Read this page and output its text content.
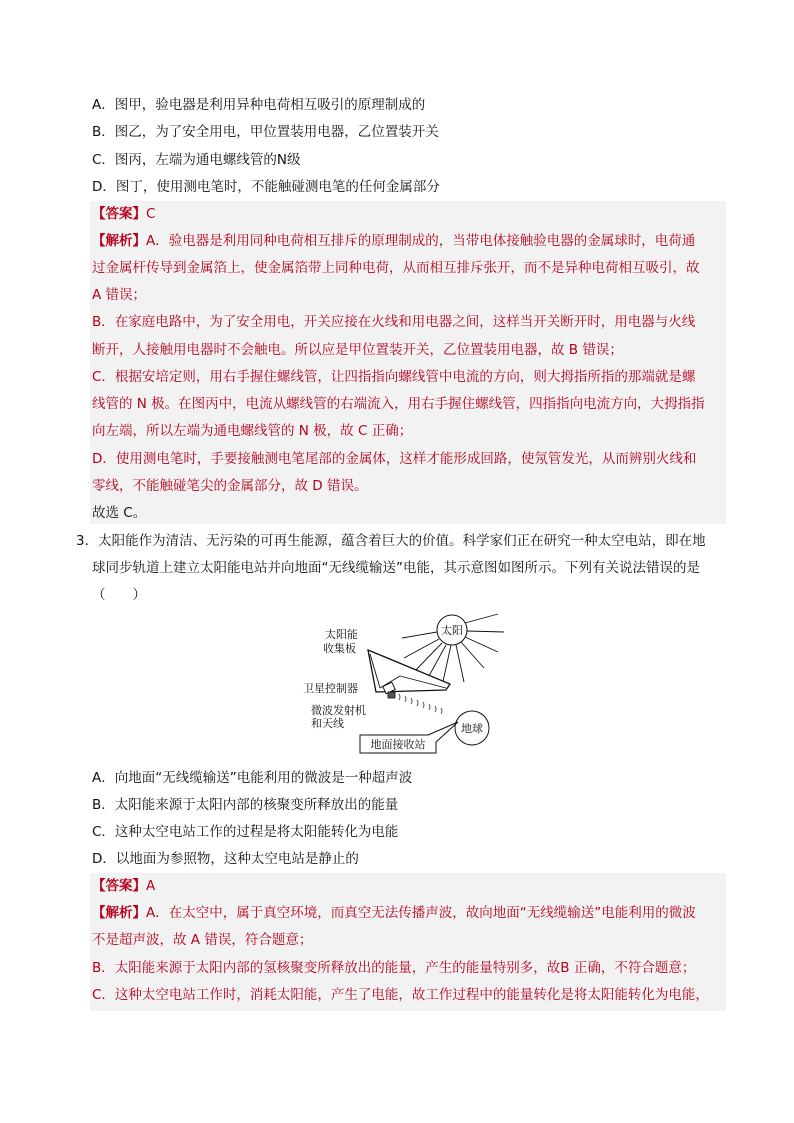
A．图甲，验电器是利用异种电荷相互吸引的原理制成的
B．图乙，为了安全用电，甲位置装用电器，乙位置装开关
C．图丙，左端为通电螺线管的N级
D．图丁，使用测电笔时，不能触碰测电笔的任何金属部分
【答案】C
【解析】A．验电器是利用同种电荷相互排斥的原理制成的，当带电体接触验电器的金属球时，电荷通
过金属杆传导到金属箔上，使金属箔带上同种电荷，从而相互排斥张开，而不是异种电荷相互吸引，故
A 错误；
B．在家庭电路中，为了安全用电，开关应接在火线和用电器之间，这样当开关断开时，用电器与火线
断开，人接触用电器时不会触电。所以应是甲位置装开关，乙位置装用电器，故 B 错误；
C．根据安培定则，用右手握住螺线管，让四指指向螺线管中电流的方向，则大拇指所指的那端就是螺
线管的 N 极。在图丙中，电流从螺线管的右端流入，用右手握住螺线管，四指指向电流方向，大拇指指
向左端，所以左端为通电螺线管的 N 极，故 C 正确；
D．使用测电笔时，手要接触测电笔尾部的金属体，这样才能形成回路，使氖管发光，从而辨别火线和
零线，不能触碰笔尖的金属部分，故 D 错误。
故选 C。
3．太阳能作为清洁、无污染的可再生能源，蕴含着巨大的价值。科学家们正在研究一种太空电站，即在地
球同步轨道上建立太阳能电站并向地面“无线缆输送”电能，其示意图如图所示。下列有关说法错误的是
（　　）
太阳
太阳能
收集板
卫星控制器
微波发射机
和天线	地球
地面接收站
A．向地面“无线缆输送”电能利用的微波是一种超声波
B．太阳能来源于太阳内部的核聚变所释放出的能量
C．这种太空电站工作的过程是将太阳能转化为电能
D．以地面为参照物，这种太空电站是静止的
【答案】A
【解析】A．在太空中，属于真空环境，而真空无法传播声波，故向地面“无线缆输送”电能利用的微波
不是超声波，故 A 错误，符合题意；
B．太阳能来源于太阳内部的氢核聚变所释放出的能量，产生的能量特别多，故B 正确，不符合题意；
C．这种太空电站工作时，消耗太阳能，产生了电能，故工作过程中的能量转化是将太阳能转化为电能，
